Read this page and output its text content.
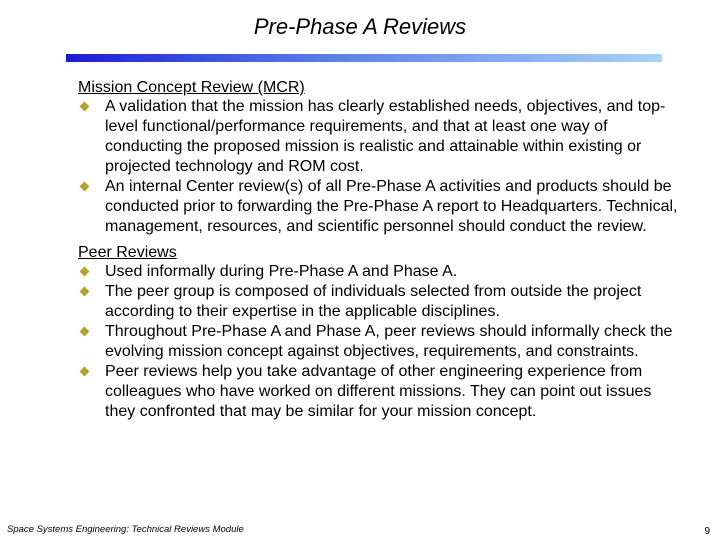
Pre-Phase A Reviews
Mission Concept Review (MCR)
A validation that the mission has clearly established needs, objectives, and top-level functional/performance requirements, and that at least one way of conducting the proposed mission is realistic and attainable within existing or projected technology and ROM cost.
An internal Center review(s) of all Pre-Phase A activities and products should be conducted prior to forwarding the Pre-Phase A report to Headquarters. Technical, management, resources, and scientific personnel should conduct the review.
Peer Reviews
Used informally during Pre-Phase A and Phase A.
The peer group is composed of individuals selected from outside the project according to their expertise in the applicable disciplines.
Throughout Pre-Phase A and Phase A, peer reviews should informally check the evolving mission concept against objectives, requirements, and constraints.
Peer reviews help you take advantage of other engineering experience from colleagues who have worked on different missions. They can point out issues they confronted that may be similar for your mission concept.
Space Systems Engineering: Technical Reviews Module	9
